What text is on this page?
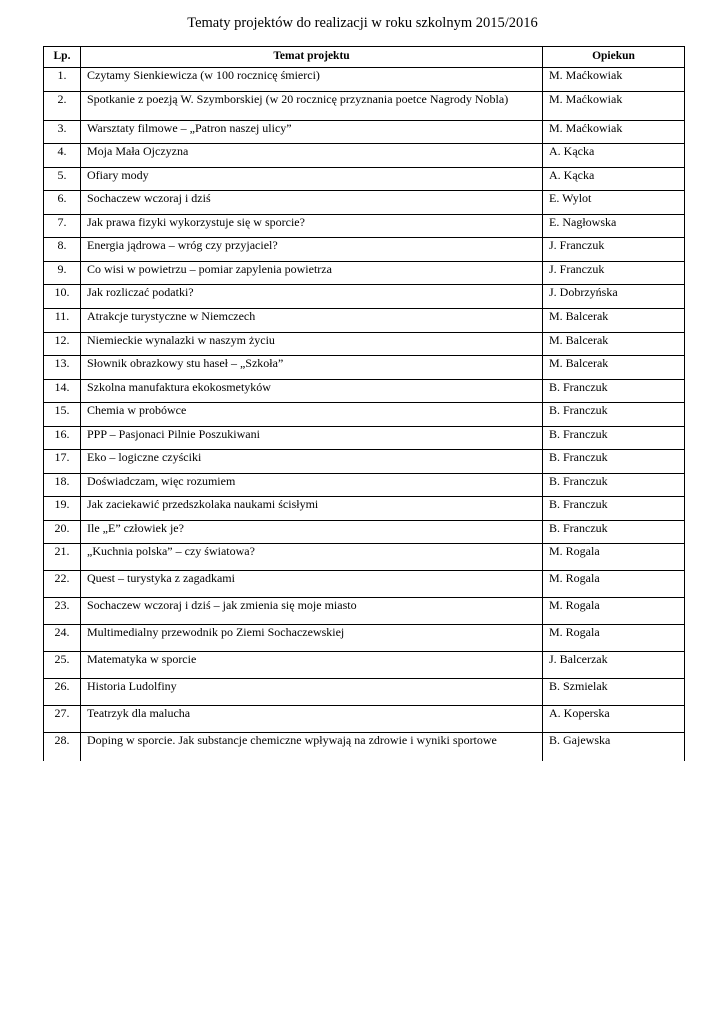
Tematy projektów do realizacji w roku szkolnym 2015/2016
Lp.	Temat projektu	Opiekun
1.	Czytamy Sienkiewicza (w 100 rocznicę śmierci)	M. Maćkowiak
2.	Spotkanie z poezją W. Szymborskiej (w 20 rocznicę przyznania poetce Nagrody Nobla)	M. Maćkowiak
3.	Warsztaty filmowe – „Patron naszej ulicy”	M. Maćkowiak
4.	Moja Mała Ojczyzna	A. Kącka
5.	Ofiary mody	A. Kącka
6.	Sochaczew wczoraj i dziś	E. Wylot
7.	Jak prawa fizyki wykorzystuje się w sporcie?	E. Nagłowska
8.	Energia jądrowa – wróg czy przyjaciel?	J. Franczuk
9.	Co wisi w powietrzu – pomiar zapylenia powietrza	J. Franczuk
10.	Jak rozliczać podatki?	J. Dobrzyńska
11.	Atrakcje turystyczne w Niemczech	M. Balcerak
12.	Niemieckie wynalazki w naszym życiu	M. Balcerak
13.	Słownik obrazkowy stu haseł – „Szkoła”	M. Balcerak
14.	Szkolna manufaktura ekokosmetyków	B. Franczuk
15.	Chemia w probówce	B. Franczuk
16.	PPP – Pasjonaci Pilnie Poszukiwani	B. Franczuk
17.	Eko – logiczne czyściki	B. Franczuk
18.	Doświadczam, więc rozumiem	B. Franczuk
19.	Jak zaciekawić przedszkolaka naukami ścisłymi	B. Franczuk
20.	Ile „E” człowiek je?	B. Franczuk
21.	„Kuchnia polska” – czy światowa?	M. Rogala
22.	Quest – turystyka z zagadkami	M. Rogala
23.	Sochaczew wczoraj i dziś – jak zmienia się moje miasto	M. Rogala
24.	Multimedialny przewodnik po Ziemi Sochaczewskiej	M. Rogala
25.	Matematyka w sporcie	J. Balcerzak
26.	Historia Ludolfiny	B. Szmielak
27.	Teatrzyk dla malucha	A. Koperska
28.	Doping w sporcie. Jak substancje chemiczne wpływają na zdrowie i wyniki sportowe	B. Gajewska
